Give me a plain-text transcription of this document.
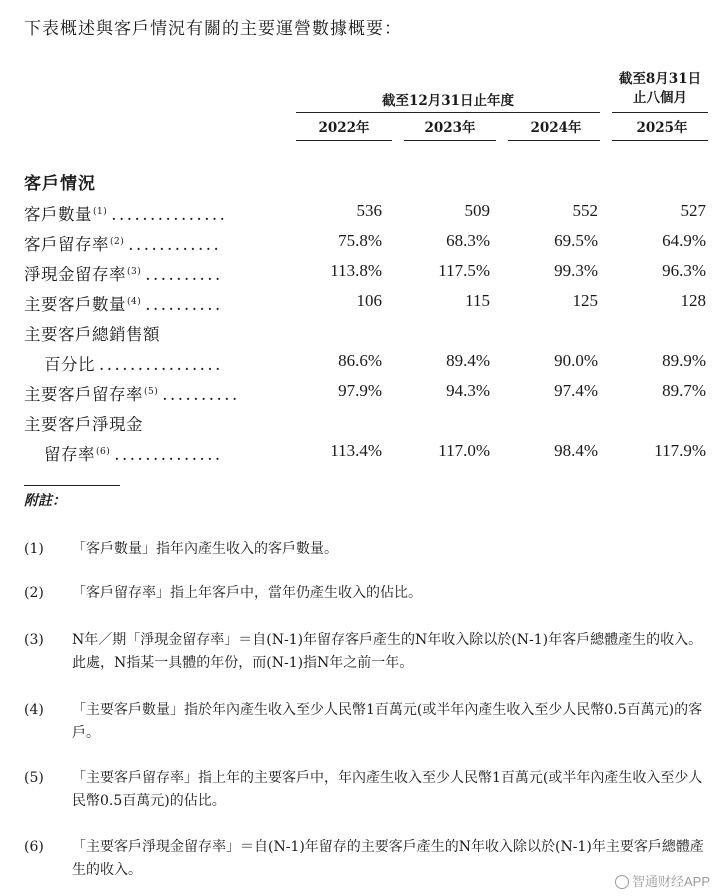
下表概述與客戶情況有關的主要運營數據概要：
截至12月31日止年度
截至8月31日
止八個月
2022年	2023年	2024年	2025年
客戶情況
客戶數量$^{(1)}$ ...............	536	509	552	527
客戶留存率$^{(2)}$ ............	75.8%	68.3%	69.5%	64.9%
淨現金留存率$^{(3)}$ ..........	113.8%	117.5%	99.3%	96.3%
主要客戶數量$^{(4)}$ ..........	106	115	125	128
主要客戶總銷售額
百分比 ................	86.6%	89.4%	90.0%	89.9%
主要客戶留存率$^{(5)}$ ..........	97.9%	94.3%	97.4%	89.7%
主要客戶淨現金
留存率$^{(6)}$ ..............	113.4%	117.0%	98.4%	117.9%
附註：
(1) 「客戶數量」指年內產生收入的客戶數量。
(2) 「客戶留存率」指上年客戶中，當年仍產生收入的佔比。
(3) N年／期「淨現金留存率」＝自(N-1)年留存客戶產生的N年收入除以於(N-1)年客戶總體產生的收入。此處，N指某一具體的年份，而(N-1)指N年之前一年。
(4) 「主要客戶數量」指於年內產生收入至少人民幣1百萬元(或半年內產生收入至少人民幣0.5百萬元)的客戶。
(5) 「主要客戶留存率」指上年的主要客戶中，年內產生收入至少人民幣1百萬元(或半年內產生收入至少人民幣0.5百萬元)的佔比。
(6) 「主要客戶淨現金留存率」＝自(N-1)年留存的主要客戶產生的N年收入除以於(N-1)年主要客戶總體產生的收入。
智通财经APP
